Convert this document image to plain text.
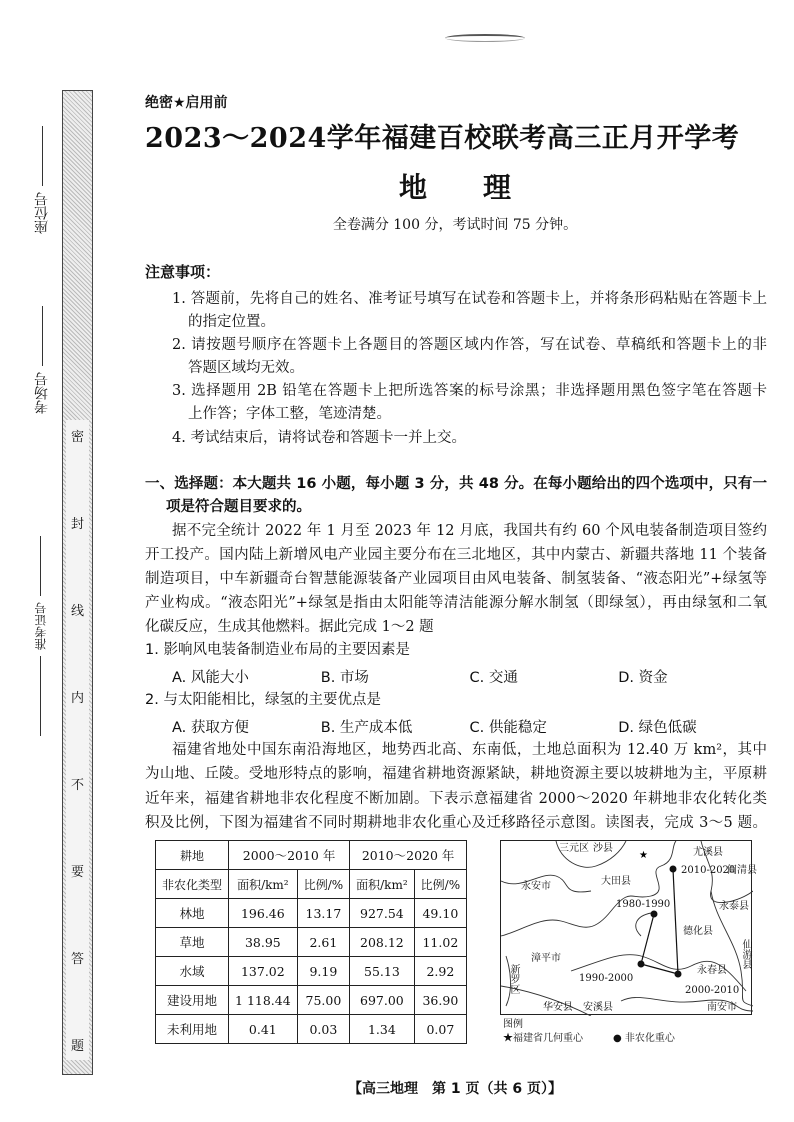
密
封
线
内
不
要
答
题
座位号
考场号
准考证号
绝密★启用前
2023～2024学年福建百校联考高三正月开学考
地　　理
全卷满分 100 分，考试时间 75 分钟。
注意事项：
1. 答题前，先将自己的姓名、准考证号填写在试卷和答题卡上，并将条形码粘贴在答题卡上
的指定位置。
2. 请按题号顺序在答题卡上各题目的答题区域内作答，写在试卷、草稿纸和答题卡上的非
答题区域均无效。
3. 选择题用 2B 铅笔在答题卡上把所选答案的标号涂黑；非选择题用黑色签字笔在答题卡
上作答；字体工整，笔迹清楚。
4. 考试结束后，请将试卷和答题卡一并上交。
一、选择题：本大题共 16 小题，每小题 3 分，共 48 分。在每小题给出的四个选项中，只有一
项是符合题目要求的。
据不完全统计 2022 年 1 月至 2023 年 12 月底，我国共有约 60 个风电装备制造项目签约
开工投产。国内陆上新增风电产业园主要分布在三北地区，其中内蒙古、新疆共落地 11 个装备
制造项目，中车新疆奇台智慧能源装备产业园项目由风电装备、制氢装备、“液态阳光”+绿氢等
产业构成。“液态阳光”+绿氢是指由太阳能等清洁能源分解水制氢（即绿氢），再由绿氢和二氧
化碳反应，生成其他燃料。据此完成 1～2 题
1. 影响风电装备制造业布局的主要因素是
A. 风能大小	B. 市场	C. 交通	D. 资金
2. 与太阳能相比，绿氢的主要优点是
A. 获取方便	B. 生产成本低	C. 供能稳定	D. 绿色低碳
福建省地处中国东南沿海地区，地势西北高、东南低，土地总面积为 12.40 万 km²，其中
为山地、丘陵。受地形特点的影响，福建省耕地资源紧缺，耕地资源主要以坡耕地为主，平原耕
近年来，福建省耕地非农化程度不断加剧。下表示意福建省 2000～2020 年耕地非农化转化类
积及比例，下图为福建省不同时期耕地非农化重心及迁移路径示意图。读图表，完成 3～5 题。
耕地	2000～2010 年		2010～2020 年	
非农化类型	面积/km²	比例/%	面积/km²	比例/%
林地	196.46	13.17	927.54	49.10
草地	38.95	2.61	208.12	11.02
水域	137.02	9.19	55.13	2.92
建设用地	1 118.44	75.00	697.00	36.90
未利用地	0.41	0.03	1.34	0.07
★
三元区 沙县	尤溪县
闽清县
永安市	大田县
永泰县
德化县
仙游县
漳平市
新罗区	永春县
华安县 安溪县	南安市
1980-1990
1990-2000
2000-2010
2010-2020
图例
★福建省几何重心	● 非农化重心
【高三地理　第 1 页（共 6 页）】
